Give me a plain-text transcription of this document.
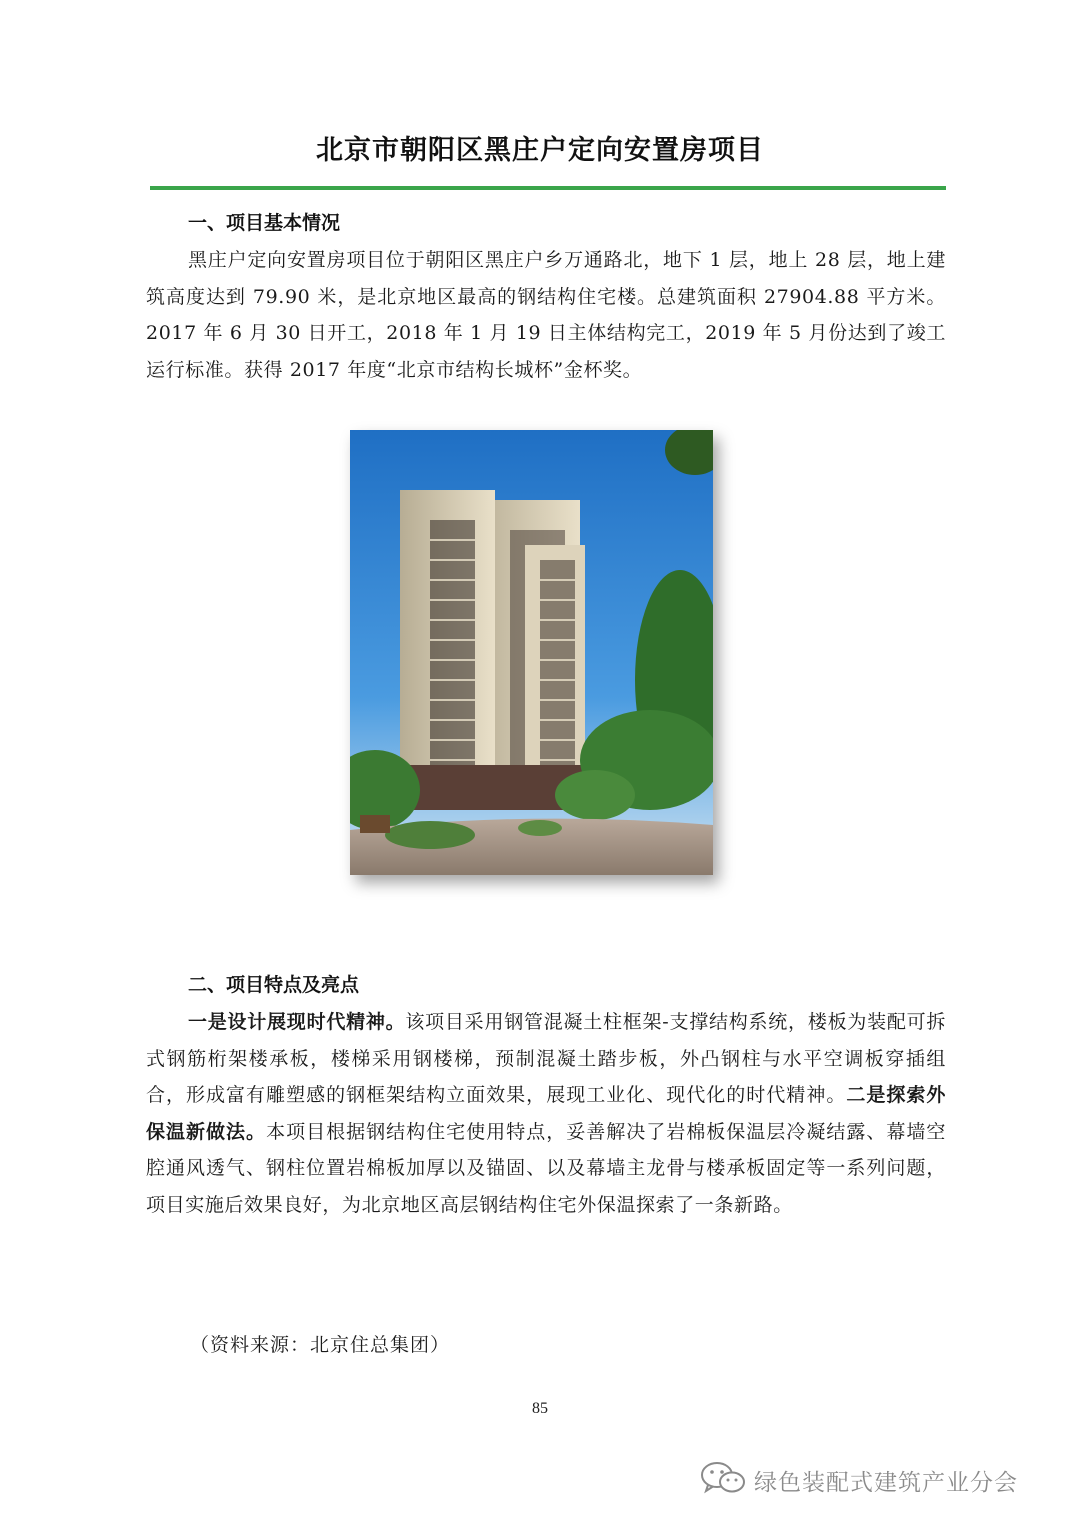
北京市朝阳区黑庄户定向安置房项目
一、项目基本情况
黑庄户定向安置房项目位于朝阳区黑庄户乡万通路北，地下 1 层，地上 28 层，地上建筑高度达到 79.90 米，是北京地区最高的钢结构住宅楼。总建筑面积 27904.88 平方米。2017 年 6 月 30 日开工，2018 年 1 月 19 日主体结构完工，2019 年 5 月份达到了竣工运行标准。获得 2017 年度“北京市结构长城杯”金杯奖。
二、项目特点及亮点
一是设计展现时代精神。该项目采用钢管混凝土柱框架-支撑结构系统，楼板为装配可拆式钢筋桁架楼承板，楼梯采用钢楼梯，预制混凝土踏步板，外凸钢柱与水平空调板穿插组合，形成富有雕塑感的钢框架结构立面效果，展现工业化、现代化的时代精神。二是探索外保温新做法。本项目根据钢结构住宅使用特点，妥善解决了岩棉板保温层冷凝结露、幕墙空腔通风透气、钢柱位置岩棉板加厚以及锚固、以及幕墙主龙骨与楼承板固定等一系列问题，项目实施后效果良好，为北京地区高层钢结构住宅外保温探索了一条新路。
（资料来源：北京住总集团）
85
绿色装配式建筑产业分会
